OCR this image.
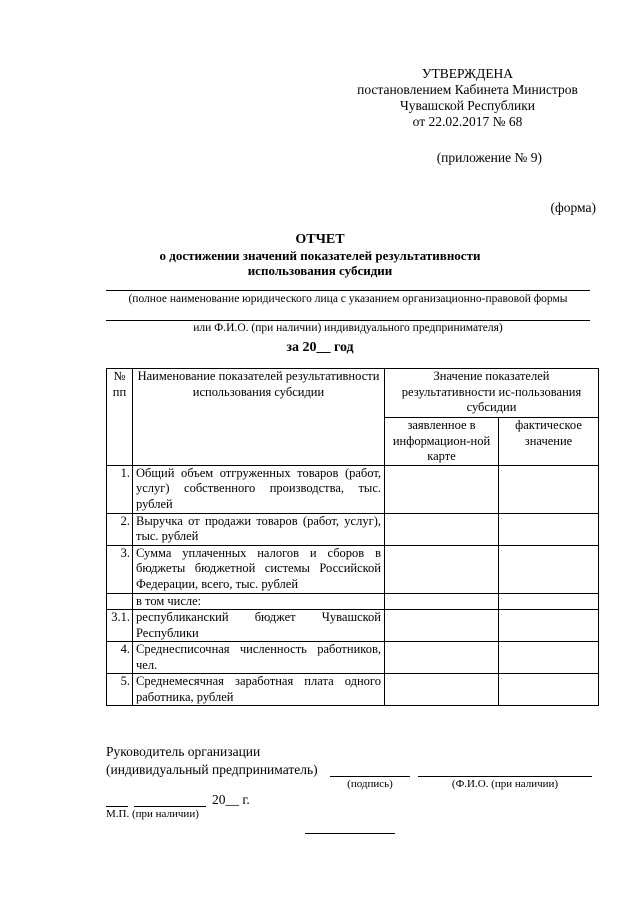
УТВЕРЖДЕНА
постановлением Кабинета Министров
Чувашской Республики
от 22.02.2017 № 68
(приложение № 9)
(форма)
ОТЧЕТ
о достижении значений показателей результативности
использования субсидии
(полное наименование юридического лица с указанием организационно-правовой формы
или Ф.И.О. (при наличии) индивидуального предпринимателя)
за 20__ год
№ пп	Наименование показателей результативности использования субсидии	Значение показателей результативности ис-пользования субсидии	
		заявленное в информацион-ной карте	фактическое значение
1.	Общий объем отгруженных товаров (работ, услуг) собственного производства, тыс. рублей		
2.	Выручка от продажи товаров (работ, услуг), тыс. рублей		
3.	Сумма уплаченных налогов и сборов в бюджеты бюджетной системы Российской Федерации, всего, тыс. рублей		
	в том числе:		
3.1.	республиканский бюджет Чувашской Республики		
4.	Среднесписочная численность работников, чел.		
5.	Среднемесячная заработная плата одного работника, рублей		
Руководитель организации
(индивидуальный предприниматель)
(подпись)	(Ф.И.О. (при наличии)
20__ г.
М.П. (при наличии)
